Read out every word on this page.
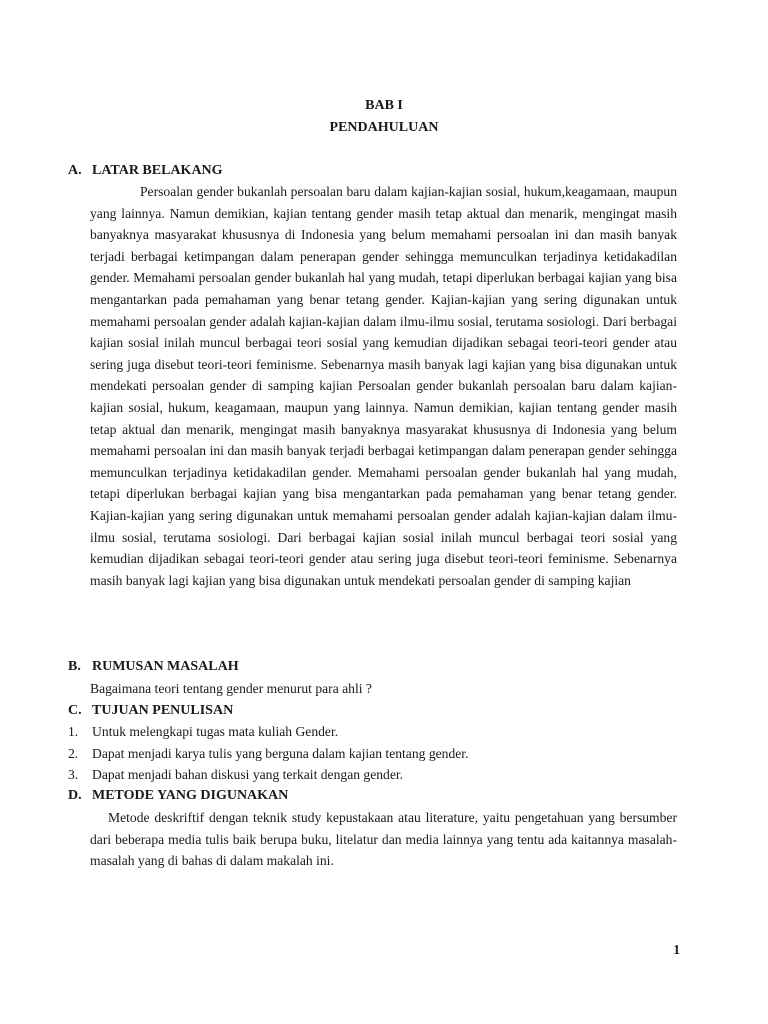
BAB I
PENDAHULUAN
A. LATAR BELAKANG
Persoalan gender bukanlah persoalan baru dalam kajian-kajian sosial, hukum,keagamaan, maupun yang lainnya. Namun demikian, kajian tentang gender masih tetap aktual dan menarik, mengingat masih banyaknya masyarakat khususnya di Indonesia yang belum memahami persoalan ini dan masih banyak terjadi berbagai ketimpangan dalam penerapan gender sehingga memunculkan terjadinya ketidakadilan gender. Memahami persoalan gender bukanlah hal yang mudah, tetapi diperlukan berbagai kajian yang bisa mengantarkan pada pemahaman yang benar tetang gender. Kajian-kajian yang sering digunakan untuk memahami persoalan gender adalah kajian-kajian dalam ilmu-ilmu sosial, terutama sosiologi. Dari berbagai kajian sosial inilah muncul berbagai teori sosial yang kemudian dijadikan sebagai teori-teori gender atau sering juga disebut teori-teori feminisme. Sebenarnya masih banyak lagi kajian yang bisa digunakan untuk mendekati persoalan gender di samping kajian Persoalan gender bukanlah persoalan baru dalam kajian-kajian sosial, hukum, keagamaan, maupun yang lainnya. Namun demikian, kajian tentang gender masih tetap aktual dan menarik, mengingat masih banyaknya masyarakat khususnya di Indonesia yang belum memahami persoalan ini dan masih banyak terjadi berbagai ketimpangan dalam penerapan gender sehingga memunculkan terjadinya ketidakadilan gender. Memahami persoalan gender bukanlah hal yang mudah, tetapi diperlukan berbagai kajian yang bisa mengantarkan pada pemahaman yang benar tetang gender. Kajian-kajian yang sering digunakan untuk memahami persoalan gender adalah kajian-kajian dalam ilmu-ilmu sosial, terutama sosiologi. Dari berbagai kajian sosial inilah muncul berbagai teori sosial yang kemudian dijadikan sebagai teori-teori gender atau sering juga disebut teori-teori feminisme. Sebenarnya masih banyak lagi kajian yang bisa digunakan untuk mendekati persoalan gender di samping kajian
B. RUMUSAN MASALAH
Bagaimana teori tentang gender menurut para ahli ?
C. TUJUAN PENULISAN
1. Untuk melengkapi tugas mata kuliah Gender.
2. Dapat menjadi karya tulis yang berguna dalam kajian tentang gender.
3. Dapat menjadi bahan diskusi yang terkait dengan gender.
D. METODE YANG DIGUNAKAN
Metode deskriftif dengan teknik study kepustakaan atau literature, yaitu pengetahuan yang bersumber dari beberapa media tulis baik berupa buku, litelatur dan media lainnya yang tentu ada kaitannya masalah-masalah yang di bahas di dalam makalah ini.
1
